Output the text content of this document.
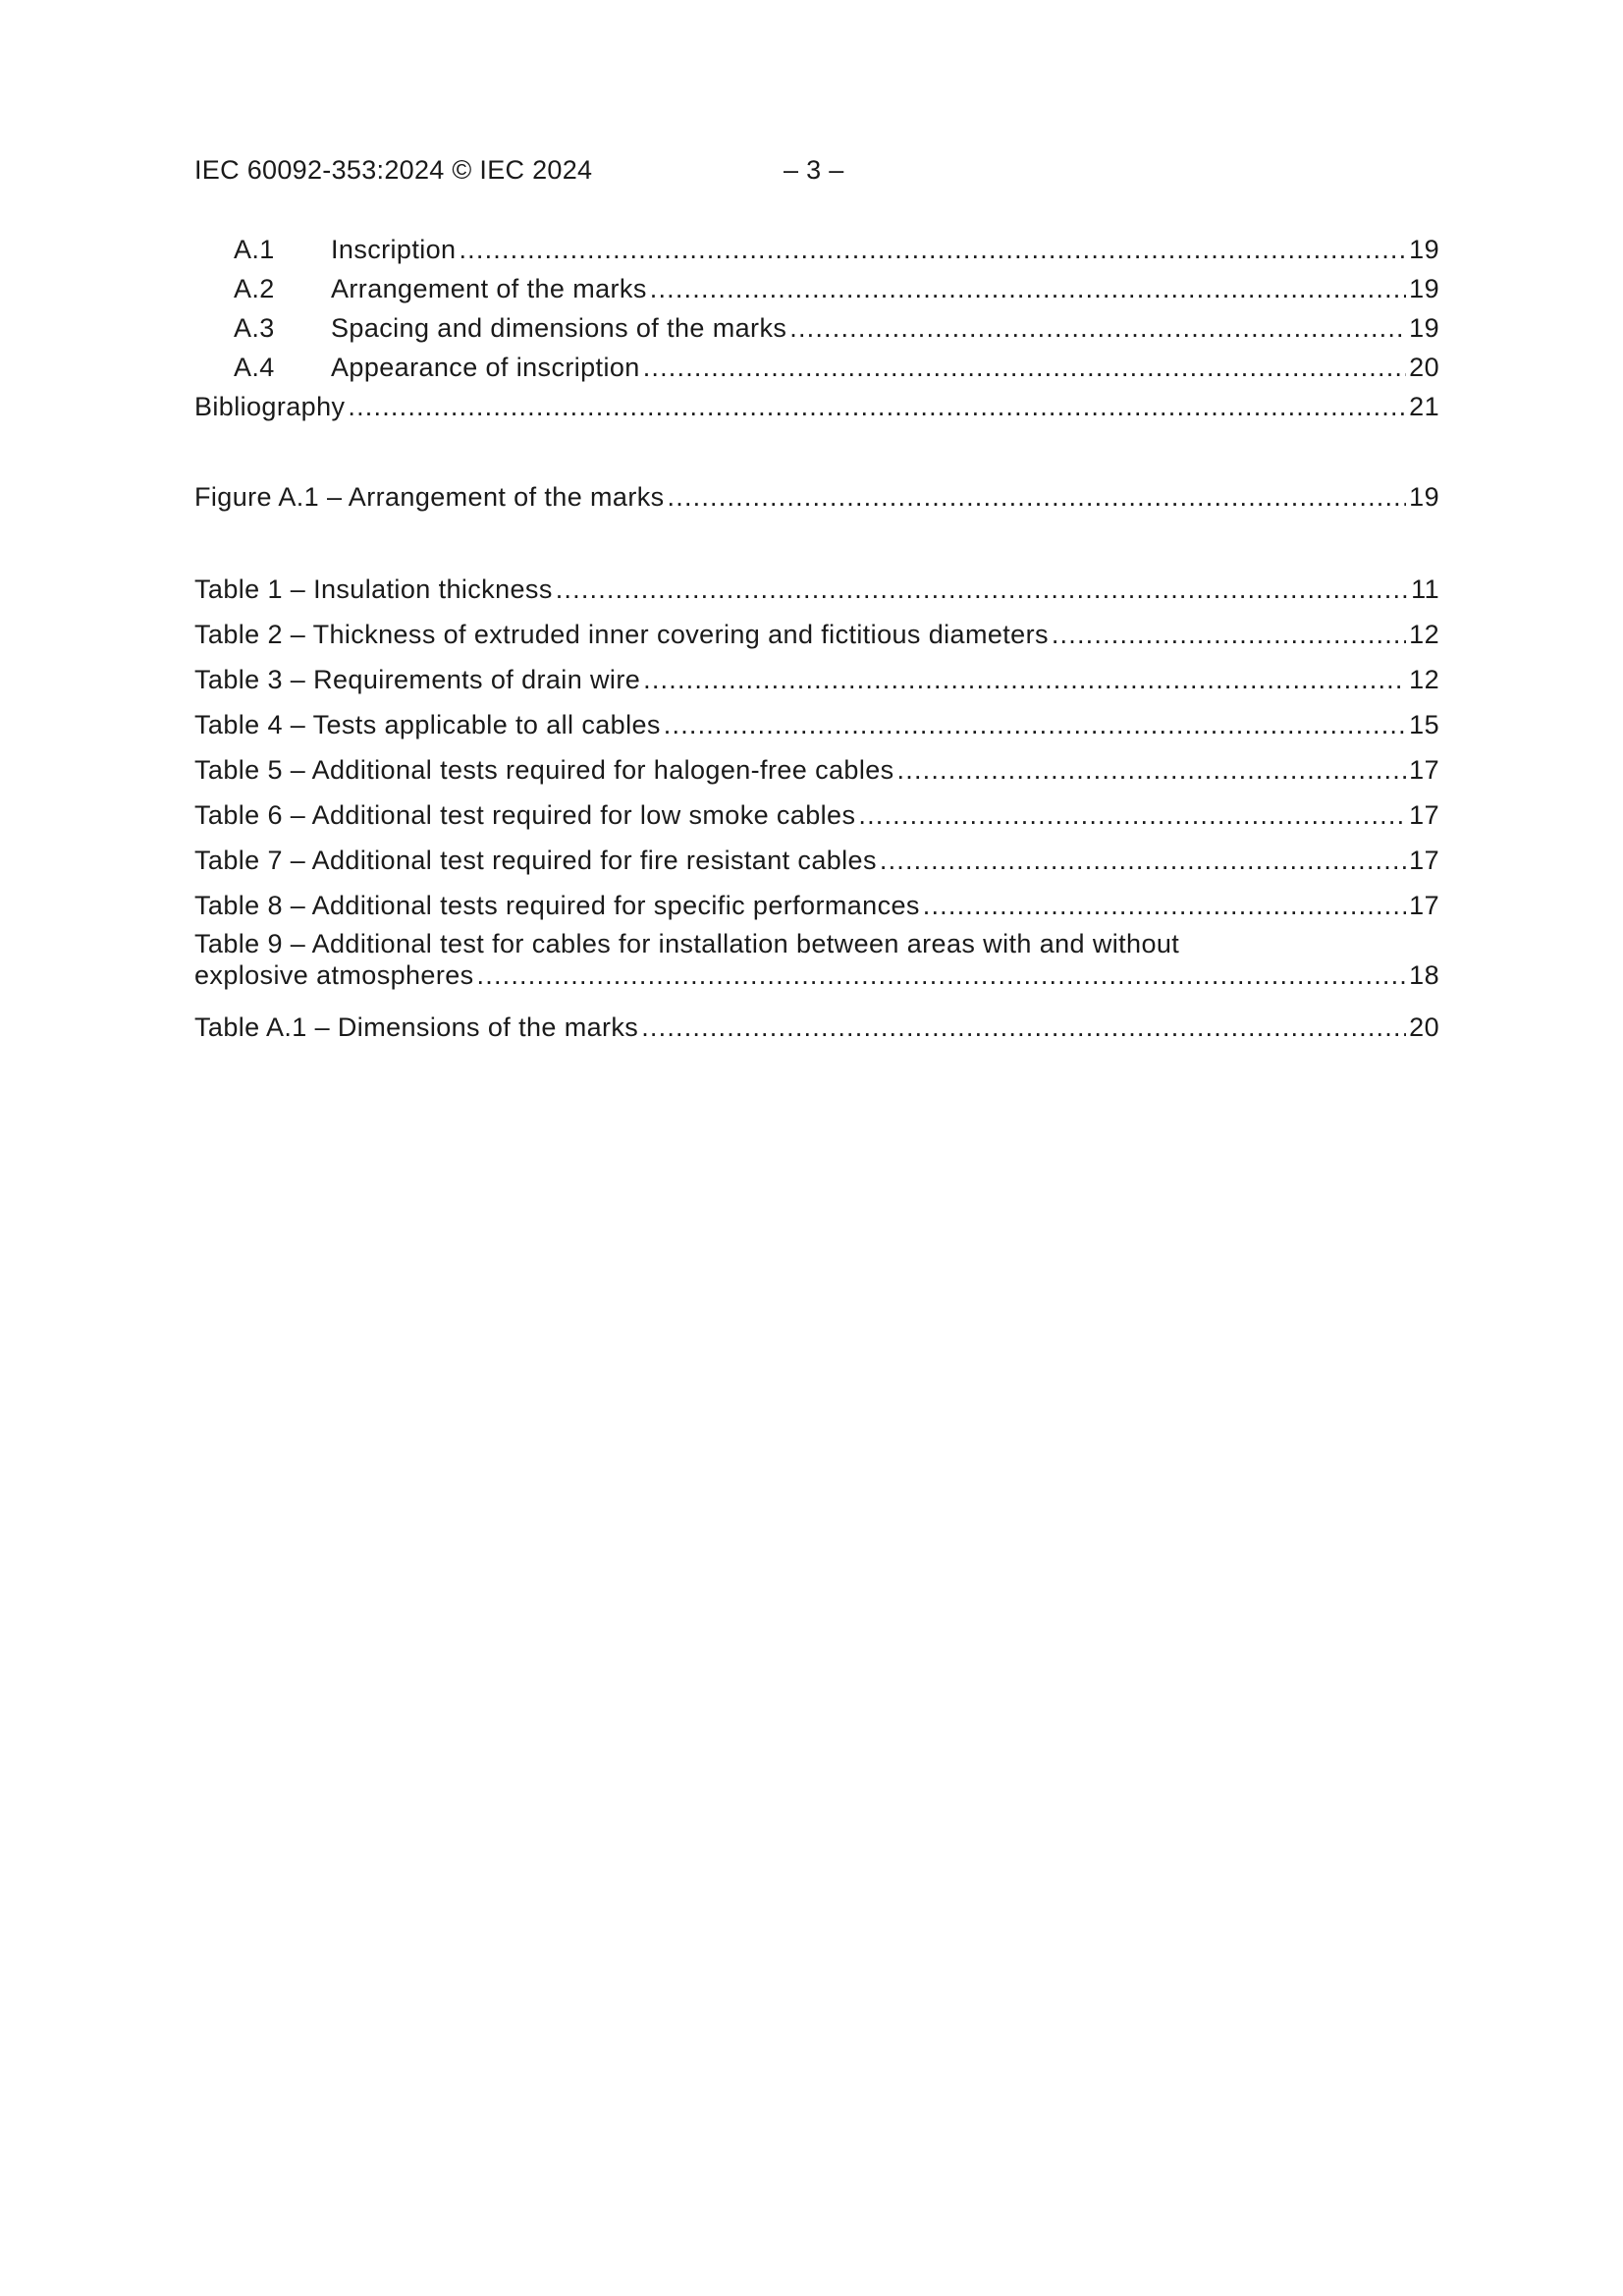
IEC 60092-353:2024 © IEC 2024	– 3 –
A.1	Inscription .....	19
A.2	Arrangement of the marks .....	19
A.3	Spacing and dimensions of the marks .....	19
A.4	Appearance of inscription .....	20
Bibliography .....	21
Figure A.1 – Arrangement of the marks .....	19
Table 1 – Insulation thickness .....	11
Table 2 – Thickness of extruded inner covering and fictitious diameters .....	12
Table 3 – Requirements of drain wire .....	12
Table 4 – Tests applicable to all cables .....	15
Table 5 – Additional tests required for halogen-free cables .....	17
Table 6 – Additional test required for low smoke cables .....	17
Table 7 – Additional test required for fire resistant cables .....	17
Table 8 – Additional tests required for specific performances .....	17
Table 9 – Additional test for cables for installation between areas with and without
explosive atmospheres .....	18
Table A.1 – Dimensions of the marks .....	20
